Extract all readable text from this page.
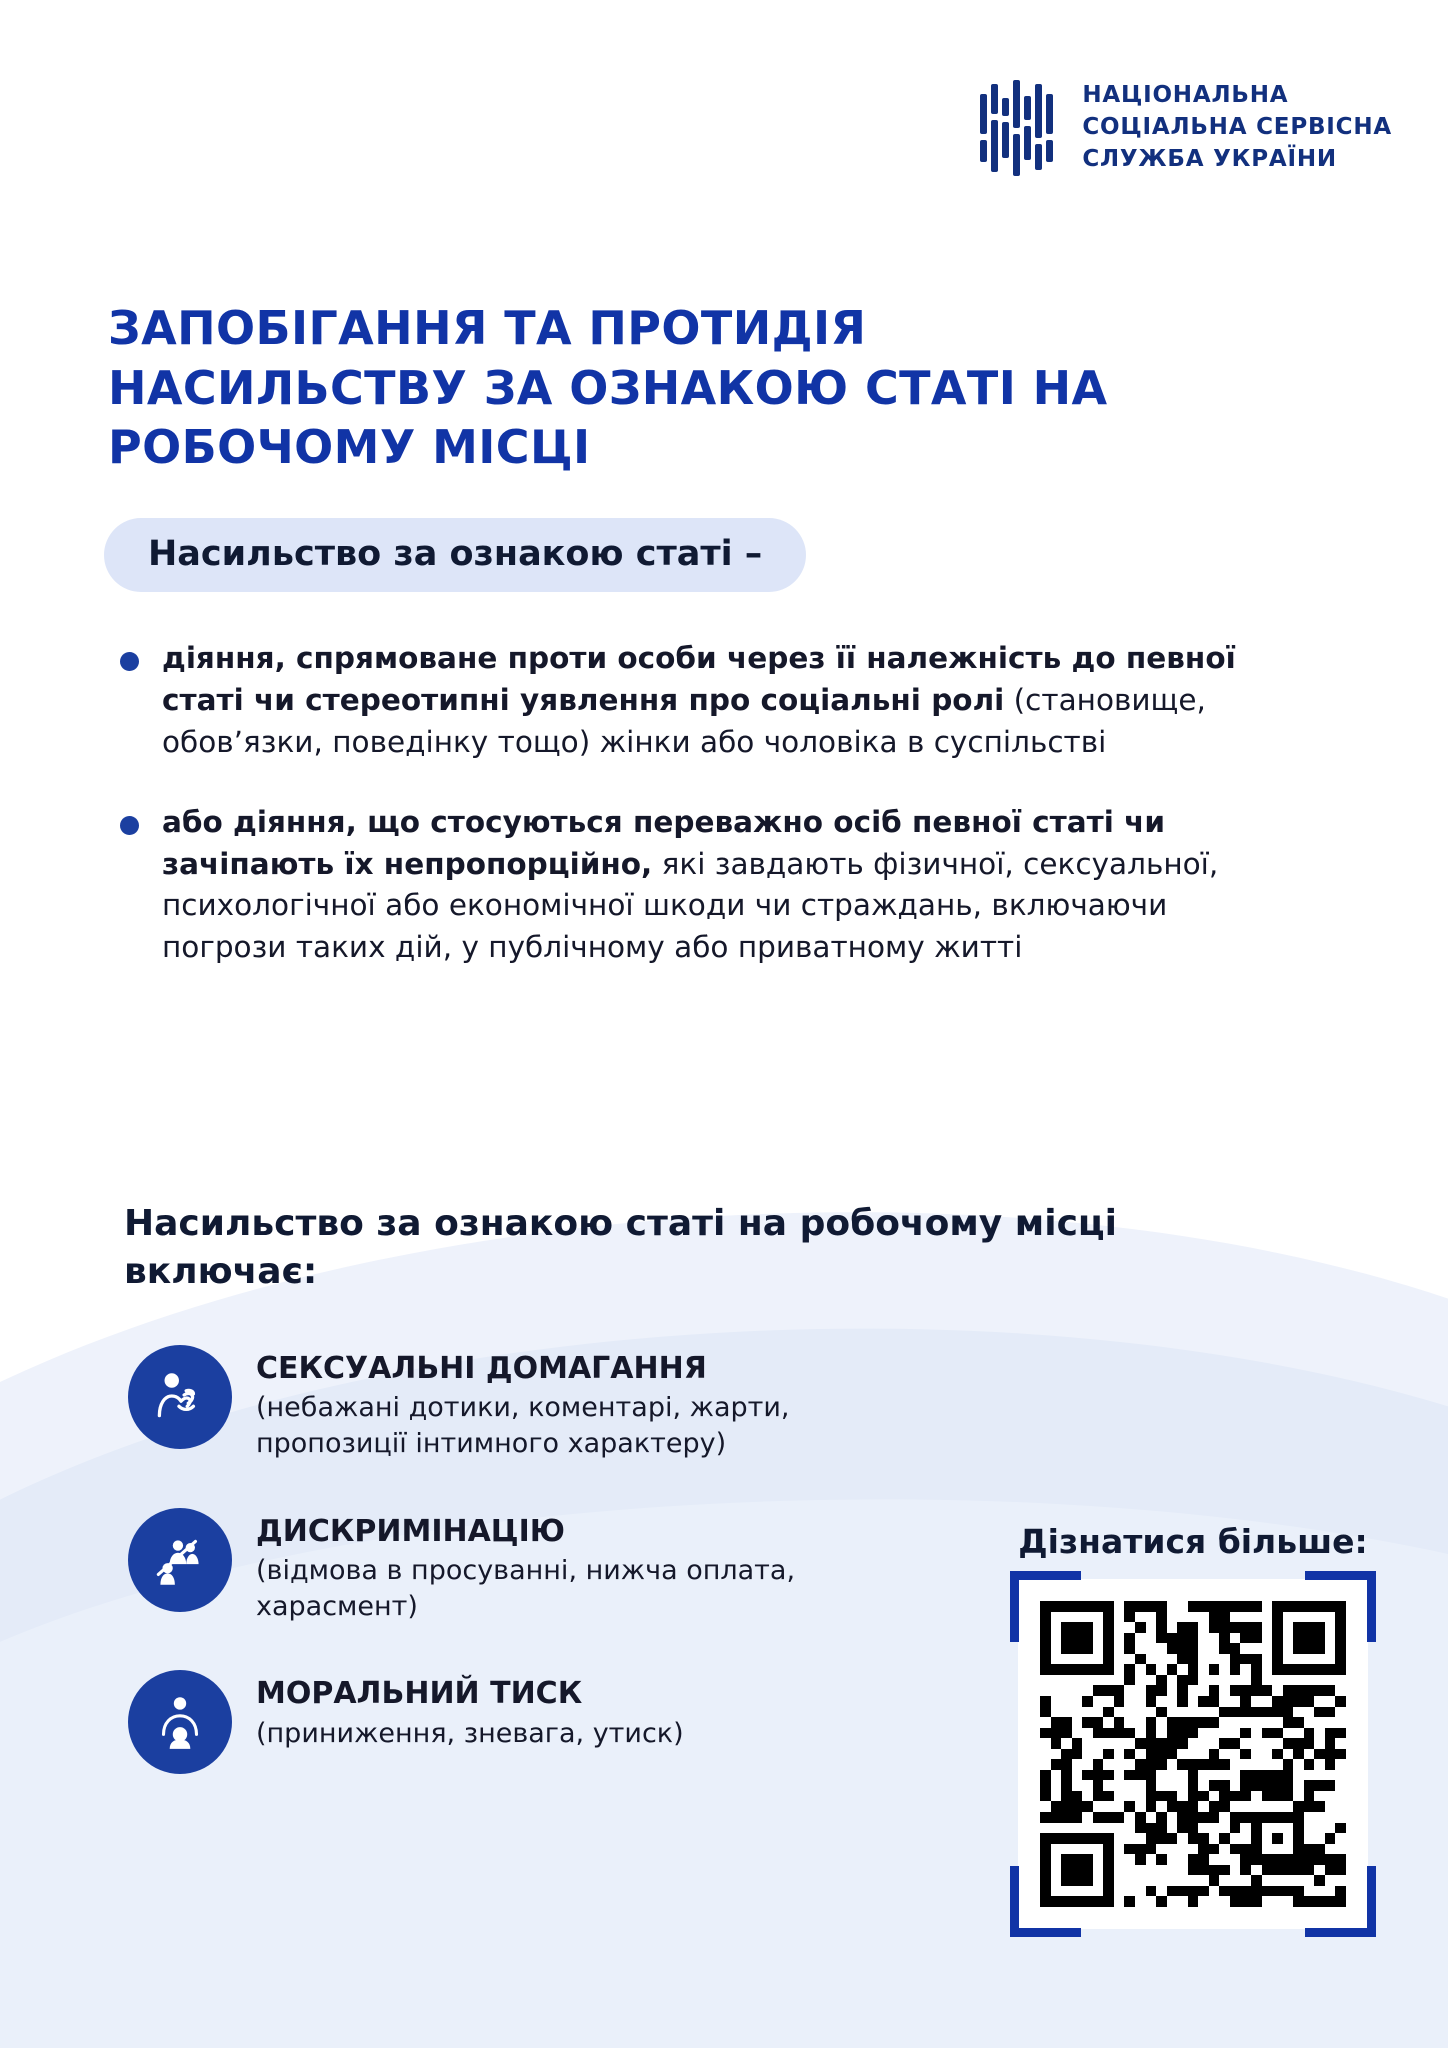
НАЦІОНАЛЬНА
СОЦІАЛЬНА СЕРВІСНА
СЛУЖБА УКРАЇНИ
ЗАПОБІГАННЯ ТА ПРОТИДІЯ НАСИЛЬСТВУ ЗА ОЗНАКОЮ СТАТІ НА РОБОЧОМУ МІСЦІ
Насильство за ознакою статі –

діяння, спрямоване проти особи через її належність до певної статі чи стереотипні уявлення про соціальні ролі (становище, обов’язки, поведінку тощо) жінки або чоловіка в суспільстві

або діяння, що стосуються переважно осіб певної статі чи зачіпають їх непропорційно, які завдають фізичної, сексуальної, психологічної або економічної шкоди чи страждань, включаючи погрози таких дій, у публічному або приватному житті

Насильство за ознакою статі на робочому місці включає:
СЕКСУАЛЬНІ ДОМАГАННЯ
(небажані дотики, коментарі, жарти, пропозиції інтимного характеру)
ДИСКРИМІНАЦІЮ
(відмова в просуванні, нижча оплата, харасмент)
МОРАЛЬНИЙ ТИСК
(приниження, зневага, утиск)
Дізнатися більше:
